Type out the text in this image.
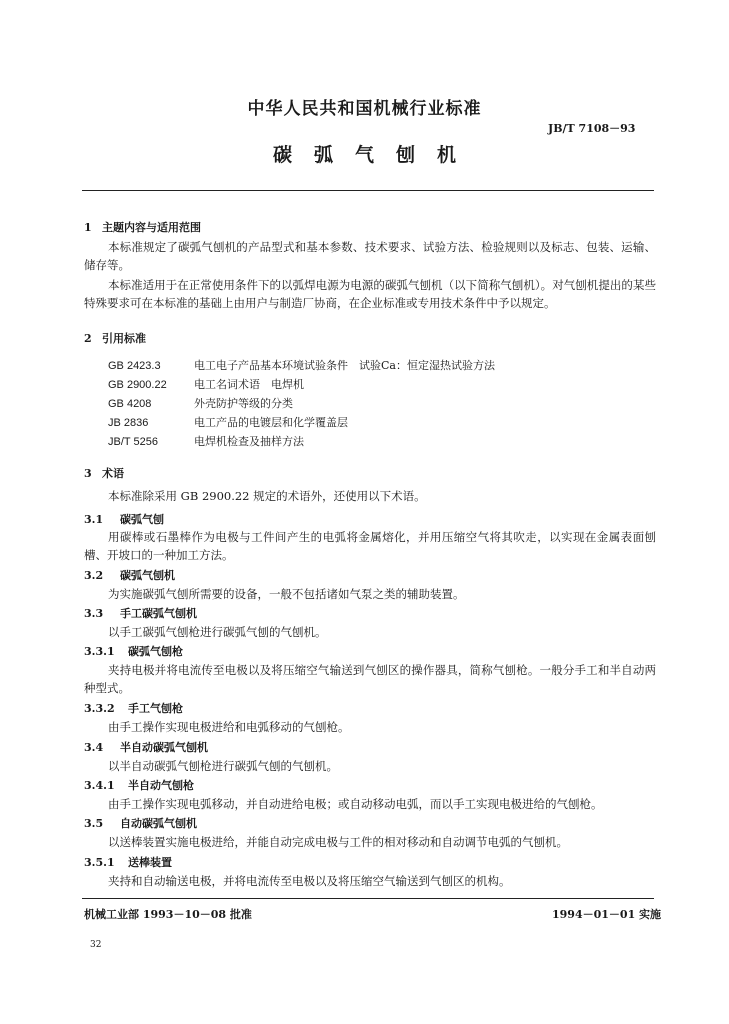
中华人民共和国机械行业标准
JB/T 7108－93
碳弧气刨机
1 主题内容与适用范围
本标准规定了碳弧气刨机的产品型式和基本参数、技术要求、试验方法、检验规则以及标志、包装、运输、储存等。
本标准适用于在正常使用条件下的以弧焊电源为电源的碳弧气刨机（以下简称气刨机）。对气刨机提出的某些特殊要求可在本标准的基础上由用户与制造厂协商，在企业标准或专用技术条件中予以规定。
2 引用标准
GB 2423.3	电工电子产品基本环境试验条件　试验Ca：恒定湿热试验方法
GB 2900.22 电工名词术语　电焊机
GB 4208	外壳防护等级的分类
JB 2836	电工产品的电镀层和化学覆盖层
JB/T 5256	电焊机检查及抽样方法
3 术语
本标准除采用 GB 2900.22 规定的术语外，还使用以下术语。
3.1 碳弧气刨
用碳棒或石墨棒作为电极与工件间产生的电弧将金属熔化，并用压缩空气将其吹走，以实现在金属表面刨槽、开坡口的一种加工方法。
3.2 碳弧气刨机
为实施碳弧气刨所需要的设备，一般不包括诸如气泵之类的辅助装置。
3.3 手工碳弧气刨机
以手工碳弧气刨枪进行碳弧气刨的气刨机。
3.3.1 碳弧气刨枪
夹持电极并将电流传至电极以及将压缩空气输送到气刨区的操作器具，简称气刨枪。一般分手工和半自动两种型式。
3.3.2 手工气刨枪
由手工操作实现电极进给和电弧移动的气刨枪。
3.4 半自动碳弧气刨机
以半自动碳弧气刨枪进行碳弧气刨的气刨机。
3.4.1 半自动气刨枪
由手工操作实现电弧移动，并自动进给电极；或自动移动电弧，而以手工实现电极进给的气刨枪。
3.5 自动碳弧气刨机
以送棒装置实施电极进给，并能自动完成电极与工件的相对移动和自动调节电弧的气刨机。
3.5.1 送棒装置
夹持和自动输送电极，并将电流传至电极以及将压缩空气输送到气刨区的机构。
机械工业部 1993－10－08 批准	1994－01－01 实施
32
